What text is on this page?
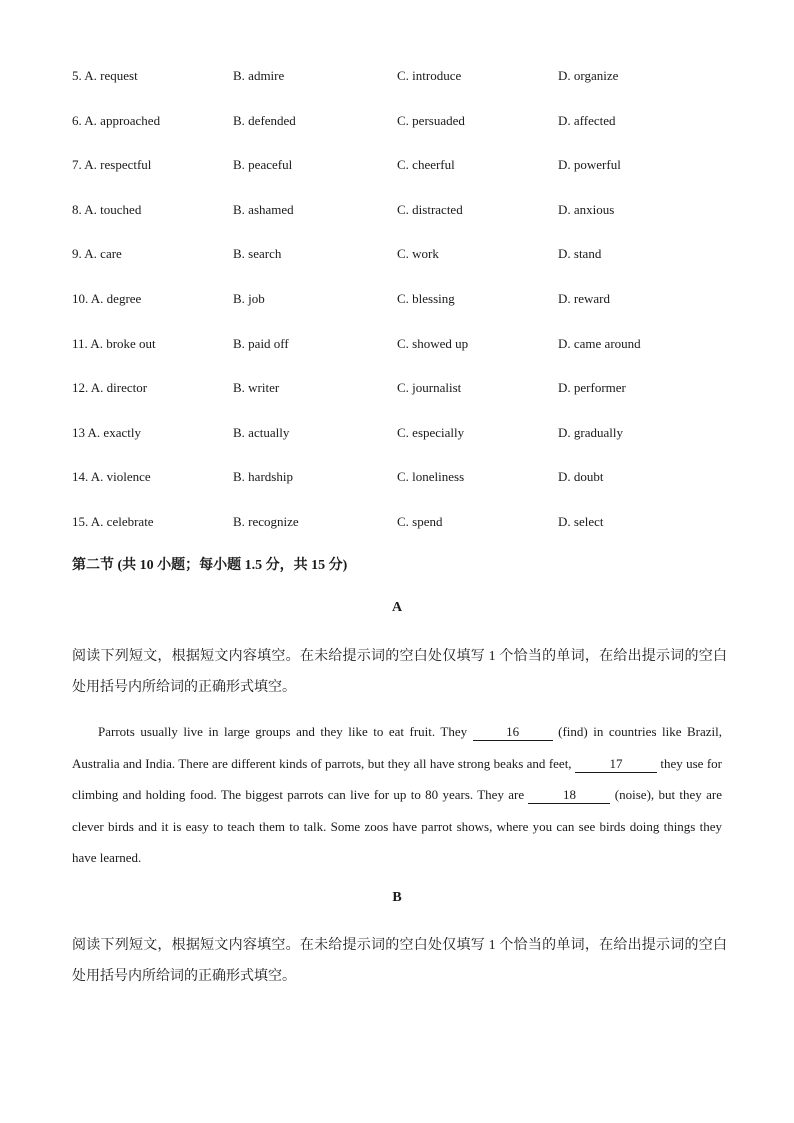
5. A. request	B. admire	C. introduce	D. organize
6. A. approached	B. defended	C. persuaded	D. affected
7. A. respectful	B. peaceful	C. cheerful	D. powerful
8. A. touched	B. ashamed	C. distracted	D. anxious
9. A. care	B. search	C. work	D. stand
10. A. degree	B. job	C. blessing	D. reward
11. A. broke out	B. paid off	C. showed up	D. came around
12. A. director	B. writer	C. journalist	D. performer
13 A. exactly	B. actually	C. especially	D. gradually
14. A. violence	B. hardship	C. loneliness	D. doubt
15. A. celebrate	B. recognize	C. spend	D. select
第二节 (共 10 小题；每小题 1.5 分，共 15 分)
A
阅读下列短文，根据短文内容填空。在未给提示词的空白处仅填写 1 个恰当的单词，在给出提示词的空白处用括号内所给词的正确形式填空。
Parrots usually live in large groups and they like to eat fruit. They	16	(find) in countries like Brazil, Australia and India. There are different kinds of parrots, but they all have strong beaks and feet,	17	they use for climbing and holding food. The biggest parrots can live for up to 80 years. They are	18	(noise), but they are clever birds and it is easy to teach them to talk. Some zoos have parrot shows, where you can see birds doing things they have learned.
B
阅读下列短文，根据短文内容填空。在未给提示词的空白处仅填写 1 个恰当的单词，在给出提示词的空白处用括号内所给词的正确形式填空。
